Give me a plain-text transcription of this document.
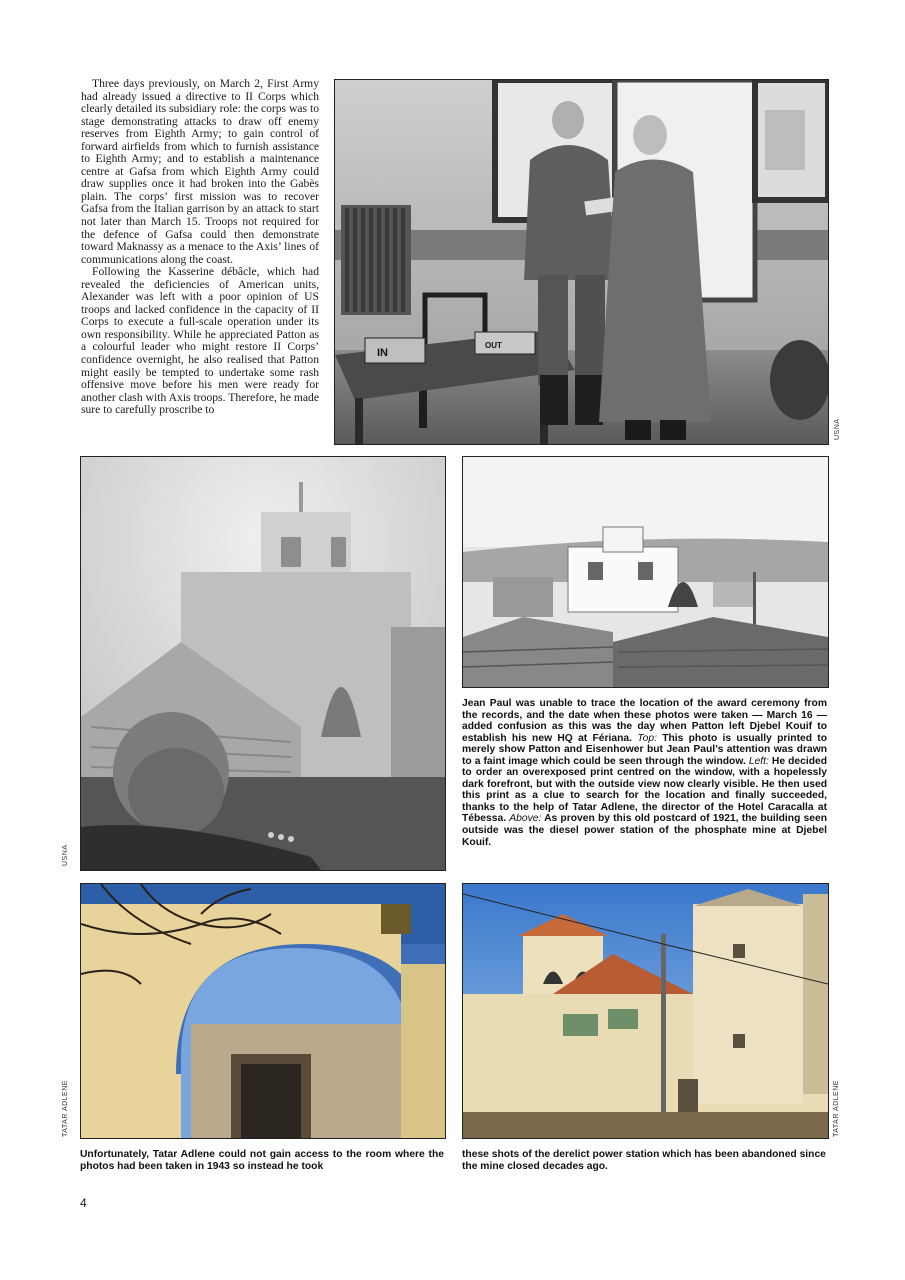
Three days previously, on March 2, First Army had already issued a directive to II Corps which clearly detailed its subsidiary role: the corps was to stage demonstrating attacks to draw off enemy reserves from Eighth Army; to gain control of forward airfields from which to furnish assistance to Eighth Army; and to establish a maintenance centre at Gafsa from which Eighth Army could draw supplies once it had broken into the Gabès plain. The corps’ first mission was to recover Gafsa from the Italian garrison by an attack to start not later than March 15. Troops not required for the defence of Gafsa could then demonstrate toward Maknassy as a menace to the Axis’ lines of communications along the coast.

Following the Kasserine débâcle, which had revealed the deficiencies of American units, Alexander was left with a poor opinion of US troops and lacked confidence in the capacity of II Corps to execute a full-scale operation under its own responsibility. While he appreciated Patton as a colourful leader who might restore II Corps’ confidence overnight, he also realised that Patton might easily be tempted to undertake some rash offensive move before his men were ready for another clash with Axis troops. Therefore, he made sure to carefully proscribe to

IN
OUT
USNA
USNA
Jean Paul was unable to trace the location of the award ceremony from the records, and the date when these photos were taken — March 16 — added confusion as this was the day when Patton left Djebel Kouif to establish his new HQ at Fériana. Top: This photo is usually printed to merely show Patton and Eisenhower but Jean Paul’s attention was drawn to a faint image which could be seen through the window. Left: He decided to order an overexposed print centred on the window, with a hopelessly dark forefront, but with the outside view now clearly visible. He then used this print as a clue to search for the location and finally succeeded, thanks to the help of Tatar Adlene, the director of the Hotel Caracalla at Tébessa. Above: As proven by this old postcard of 1921, the building seen outside was the diesel power station of the phosphate mine at Djebel Kouif.
TATAR ADLENE	TATAR ADLENE
Unfortunately, Tatar Adlene could not gain access to the room where the photos had been taken in 1943 so instead he took
these shots of the derelict power station which has been abandoned since the mine closed decades ago.
4
